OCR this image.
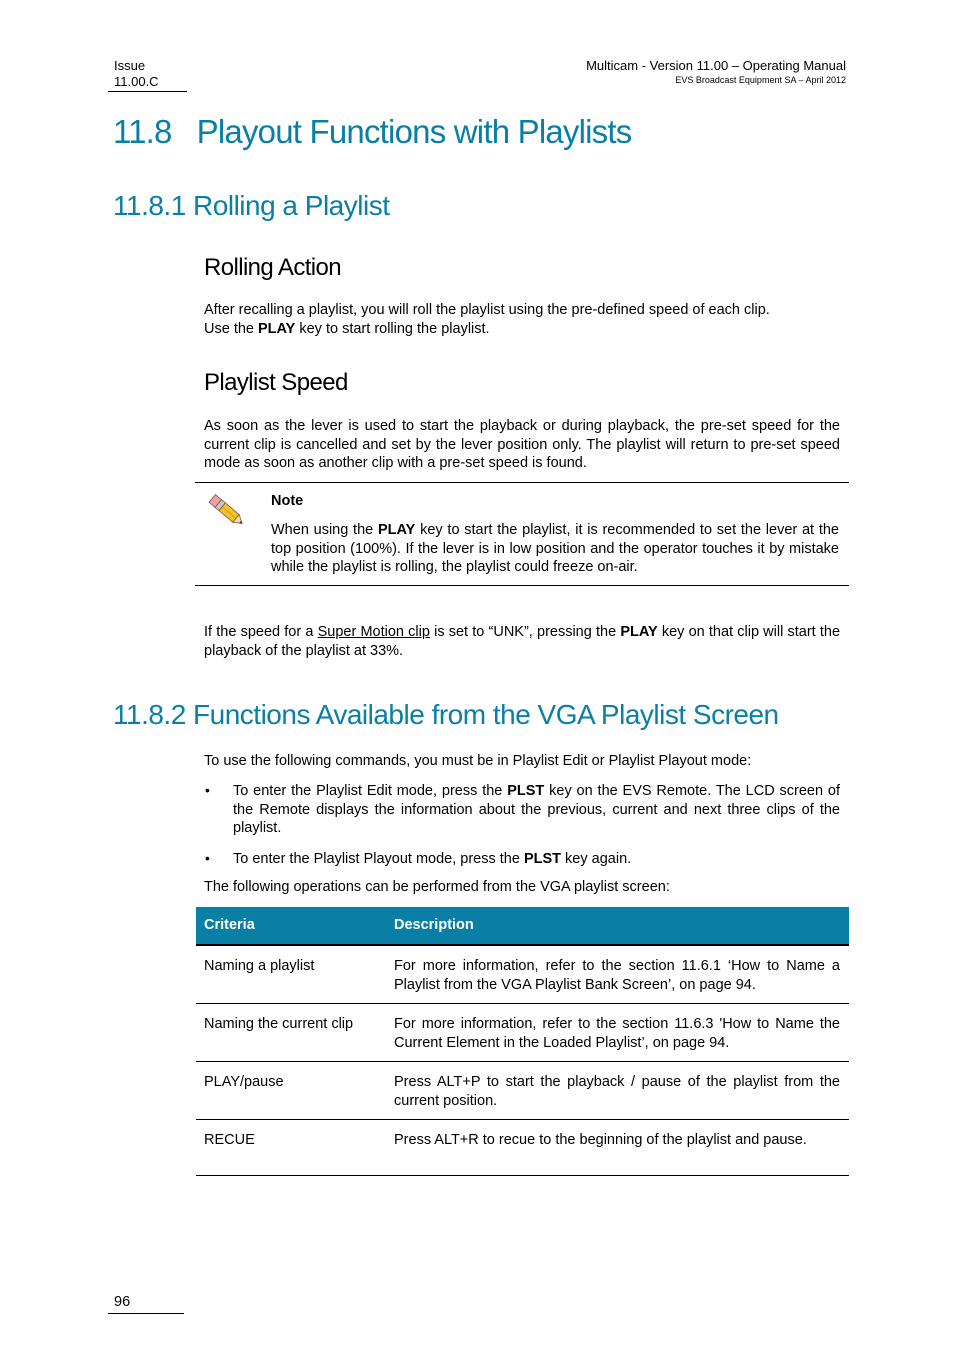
Issue
11.00.C
Multicam - Version 11.00 – Operating Manual
EVS Broadcast Equipment SA – April 2012
11.8   Playout Functions with Playlists
11.8.1 Rolling a Playlist
Rolling Action
After recalling a playlist, you will roll the playlist using the pre-defined speed of each clip.
Use the PLAY key to start rolling the playlist.
Playlist Speed
As soon as the lever is used to start the playback or during playback, the pre-set speed for the current clip is cancelled and set by the lever position only. The playlist will return to pre-set speed mode as soon as another clip with a pre-set speed is found.
Note
When using the PLAY key to start the playlist, it is recommended to set the lever at the top position (100%). If the lever is in low position and the operator touches it by mistake while the playlist is rolling, the playlist could freeze on-air.
If the speed for a Super Motion clip is set to “UNK”, pressing the PLAY key on that clip will start the playback of the playlist at 33%.
11.8.2 Functions Available from the VGA Playlist Screen
To use the following commands, you must be in Playlist Edit or Playlist Playout mode:
• To enter the Playlist Edit mode, press the PLST key on the EVS Remote. The LCD screen of the Remote displays the information about the previous, current and next three clips of the playlist.
• To enter the Playlist Playout mode, press the PLST key again.
The following operations can be performed from the VGA playlist screen:
Criteria	Description
Naming a playlist	For more information, refer to the section 11.6.1 ‘How to Name a Playlist from the VGA Playlist Bank Screen’, on page 94.
Naming the current clip	For more information, refer to the section 11.6.3 'How to Name the Current Element in the Loaded Playlist’, on page 94.
PLAY/pause	Press ALT+P to start the playback / pause of the playlist from the current position.
RECUE	Press ALT+R to recue to the beginning of the playlist and pause.
96
